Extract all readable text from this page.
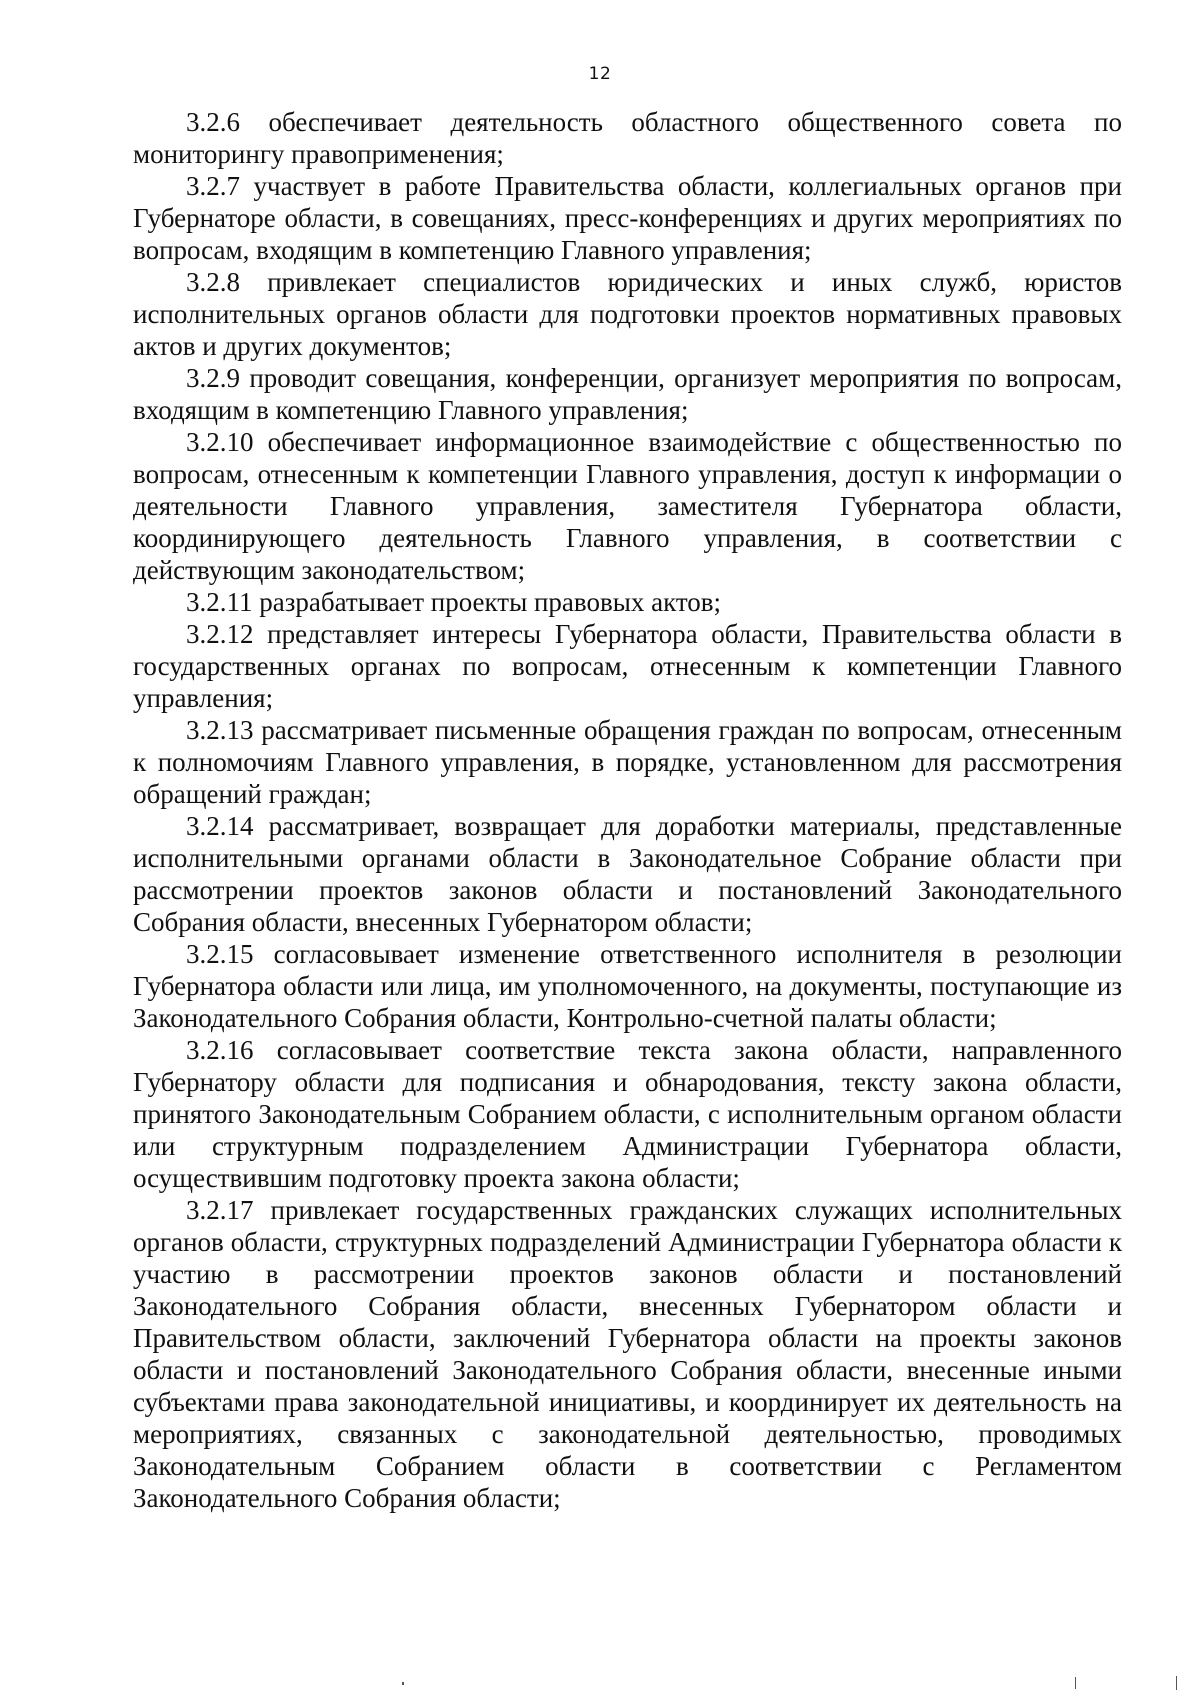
12

3.2.6 обеспечивает деятельность областного общественного совета по мониторингу правоприменения;

3.2.7 участвует в работе Правительства области, коллегиальных органов при Губернаторе области, в совещаниях, пресс-конференциях и других мероприятиях по вопросам, входящим в компетенцию Главного управления;

3.2.8 привлекает специалистов юридических и иных служб, юристов исполнительных органов области для подготовки проектов нормативных правовых актов и других документов;

3.2.9 проводит совещания, конференции, организует мероприятия по вопросам, входящим в компетенцию Главного управления;

3.2.10 обеспечивает информационное взаимодействие с общественностью по вопросам, отнесенным к компетенции Главного управления, доступ к информации о деятельности Главного управления, заместителя Губернатора области, координирующего деятельность Главного управления, в соответствии с действующим законодательством;

3.2.11 разрабатывает проекты правовых актов;

3.2.12 представляет интересы Губернатора области, Правительства области в государственных органах по вопросам, отнесенным к компетенции Главного управления;

3.2.13 рассматривает письменные обращения граждан по вопросам, отнесенным к полномочиям Главного управления, в порядке, установленном для рассмотрения обращений граждан;

3.2.14 рассматривает, возвращает для доработки материалы, представленные исполнительными органами области в Законодательное Собрание области при рассмотрении проектов законов области и постановлений Законодательного Собрания области, внесенных Губернатором области;

3.2.15 согласовывает изменение ответственного исполнителя в резолюции Губернатора области или лица, им уполномоченного, на документы, поступающие из Законодательного Собрания области, Контрольно-счетной палаты области;

3.2.16 согласовывает соответствие текста закона области, направленного Губернатору области для подписания и обнародования, тексту закона области, принятого Законодательным Собранием области, с исполнительным органом области или структурным подразделением Администрации Губернатора области, осуществившим подготовку проекта закона области;

3.2.17 привлекает государственных гражданских служащих исполнительных органов области, структурных подразделений Администрации Губернатора области к участию в рассмотрении проектов законов области и постановлений Законодательного Собрания области, внесенных Губернатором области и Правительством области, заключений Губернатора области на проекты законов области и постановлений Законодательного Собрания области, внесенные иными субъектами права законодательной инициативы, и координирует их деятельность на мероприятиях, связанных с законодательной деятельностью, проводимых Законодательным Собранием области в соответствии с Регламентом Законодательного Собрания области;
